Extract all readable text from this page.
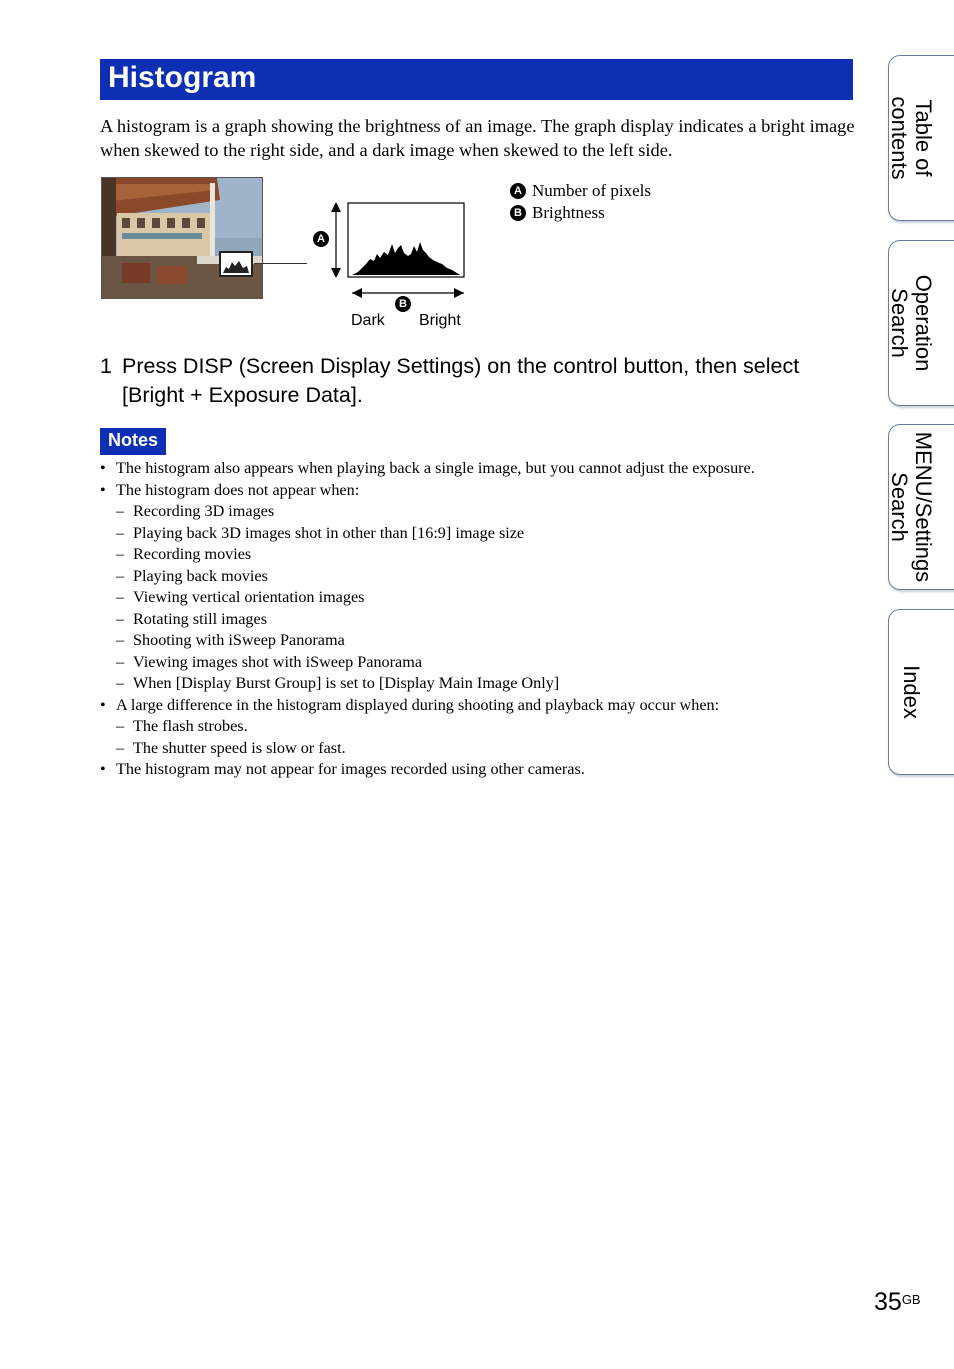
Histogram
A histogram is a graph showing the brightness of an image. The graph display indicates a bright image when skewed to the right side, and a dark image when skewed to the left side.
A
B
Dark Bright
A Number of pixels
B Brightness
1 Press DISP (Screen Display Settings) on the control button, then select [Bright + Exposure Data].
Notes
• The histogram also appears when playing back a single image, but you cannot adjust the exposure.
• The histogram does not appear when:
– Recording 3D images
– Playing back 3D images shot in other than [16:9] image size
– Recording movies
– Playing back movies
– Viewing vertical orientation images
– Rotating still images
– Shooting with iSweep Panorama
– Viewing images shot with iSweep Panorama
– When [Display Burst Group] is set to [Display Main Image Only]
• A large difference in the histogram displayed during shooting and playback may occur when:
– The flash strobes.
– The shutter speed is slow or fast.
• The histogram may not appear for images recorded using other cameras.
Table of
contents
Operation
Search
MENU/Settings
Search
Index
$35^{GB}$
